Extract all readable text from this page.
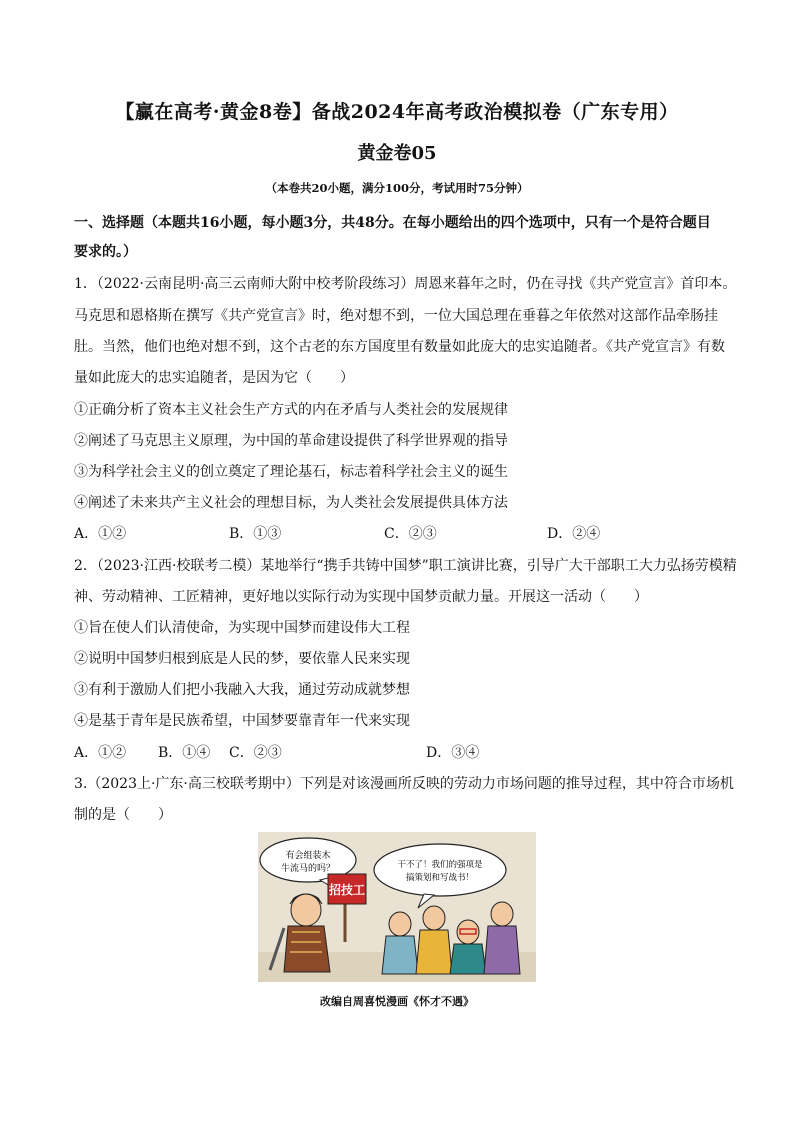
【赢在高考·黄金8卷】备战2024年高考政治模拟卷（广东专用）
黄金卷05
（本卷共20小题，满分100分，考试用时75分钟）
一、选择题（本题共16小题，每小题3分，共48分。在每小题给出的四个选项中，只有一个是符合题目
要求的。）
1．（2022·云南昆明·高三云南师大附中校考阶段练习）周恩来暮年之时，仍在寻找《共产党宣言》首印本。
马克思和恩格斯在撰写《共产党宣言》时，绝对想不到，一位大国总理在垂暮之年依然对这部作品牵肠挂
肚。当然，他们也绝对想不到，这个古老的东方国度里有数量如此庞大的忠实追随者。《共产党宣言》有数
量如此庞大的忠实追随者，是因为它（　　）
①正确分析了资本主义社会生产方式的内在矛盾与人类社会的发展规律
②阐述了马克思主义原理，为中国的革命建设提供了科学世界观的指导
③为科学社会主义的创立奠定了理论基石，标志着科学社会主义的诞生
④阐述了未来共产主义社会的理想目标，为人类社会发展提供具体方法
A．①②	B．①③	C．②③	D．②④
2．（2023·江西·校联考二模）某地举行“携手共铸中国梦”职工演讲比赛，引导广大干部职工大力弘扬劳模精
神、劳动精神、工匠精神，更好地以实际行动为实现中国梦贡献力量。开展这一活动（　　）
①旨在使人们认清使命，为实现中国梦而建设伟大工程
②说明中国梦归根到底是人民的梦，要依靠人民来实现
③有利于激励人们把小我融入大我，通过劳动成就梦想
④是基于青年是民族希望，中国梦要靠青年一代来实现
A．①② B．①④ C．②③	D．③④
3.（2023上·广东·高三校联考期中）下列是对该漫画所反映的劳动力市场问题的推导过程，其中符合市场机
制的是（　　）
有会组装木
牛流马的吗？
招技工
干不了！我们的强项是
搞策划和写战书！
改编自周喜悦漫画《怀才不遇》
